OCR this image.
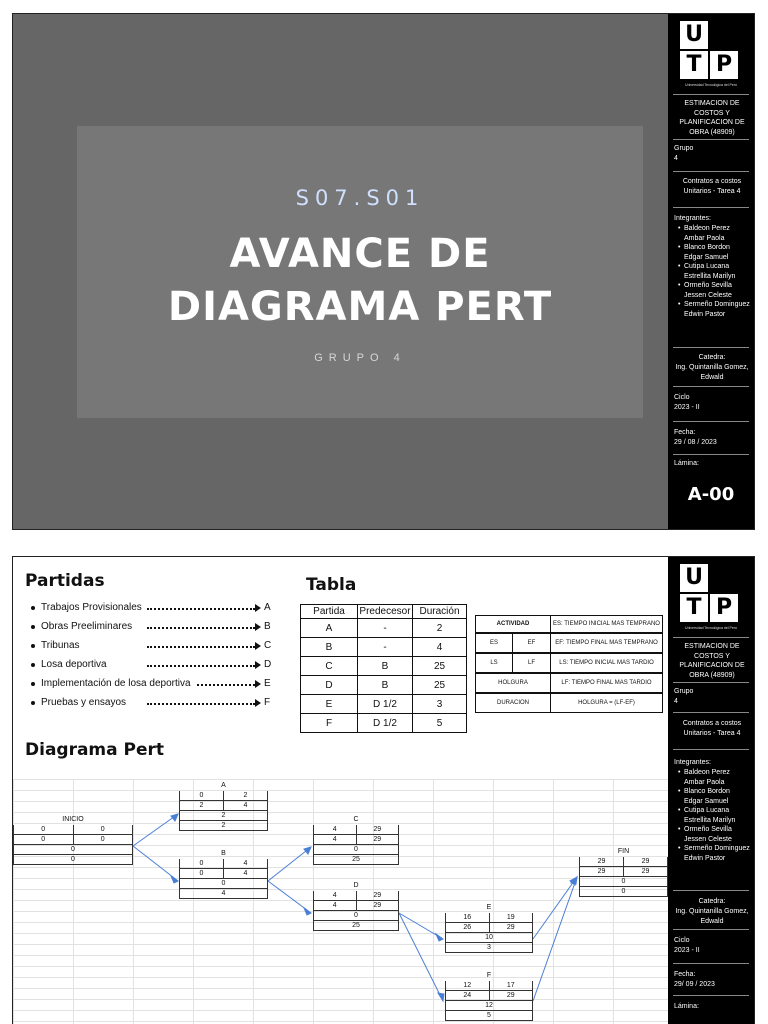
S07.S01
AVANCE DE
DIAGRAMA PERT
GRUPO 4
U
T P
Universidad Tecnológica del Perú
ESTIMACION DE COSTOS Y PLANIFICACION DE OBRA (48909)
Grupo
4
Contratos a costos Unitarios - Tarea 4
Integrantes:
• Baldeon Perez Ambar Paola
• Blanco Bordon Edgar Samuel
• Cutipa Lucana Estrellita Marilyn
• Ormeño Sevilla Jessen Celeste
• Sermeño Dominguez Edwin Pastor
Catedra:
Ing. Quintanilla Gomez, Edwald
Ciclo
2023 - II
Fecha:
29 / 08 / 2023
Lámina:
A-00
Partidas
Trabajos Provisionales	A
Obras Preeliminares	B
Tribunas	C
Losa deportiva	D
Implementación de losa deportiva	E
Pruebas y ensayos	F
Tabla
Partida	Predecesor	Duración
A	-	2
B	-	4
C	B	25
D	B	25
E	D 1/2	3
F	D 1/2	5
ACTIVIDAD	ES: TIEMPO INICIAL MAS TEMPRANO
ES	EF	EF: TIEMPO FINAL MAS TEMPRANO
LS	LF	LS: TIEMPO INICIAL MAS TARDIO
HOLGURA	LF: TIEMPO FINAL MAS TARDIO
DURACION	HOLGURA = (LF-EF)
Diagrama Pert
INICIO
0	0
0	0
0
0
A
0	2
2	4
2
2
B
0	4
0	4
0
4
C
4	29
4	29
0
25
D
4	29
4	29
0
25
E
16	19
26	29
10
3
F
12	17
24	29
12
5
FIN
29	29
29	29
0
0
U
T P
Universidad Tecnológica del Perú
ESTIMACION DE COSTOS Y PLANIFICACION DE OBRA (48909)
Grupo
4
Contratos a costos Unitarios - Tarea 4
Integrantes:
• Baldeon Perez Ambar Paola
• Blanco Bordon Edgar Samuel
• Cutipa Lucana Estrellita Marilyn
• Ormeño Sevilla Jessen Celeste
• Sermeño Dominguez Edwin Pastor
Catedra:
Ing. Quintanilla Gomez, Edwald
Ciclo
2023 - II
Fecha:
29/ 09 / 2023
Lámina:
